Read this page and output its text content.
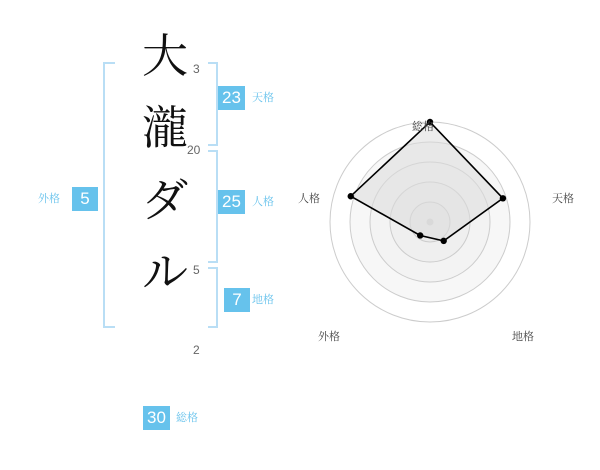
大
瀧
ダ
ル
3
20
5
2
外格	5
23	天格
25	人格
7 地格
30 総格
総格
天格
地格
外格
人格
